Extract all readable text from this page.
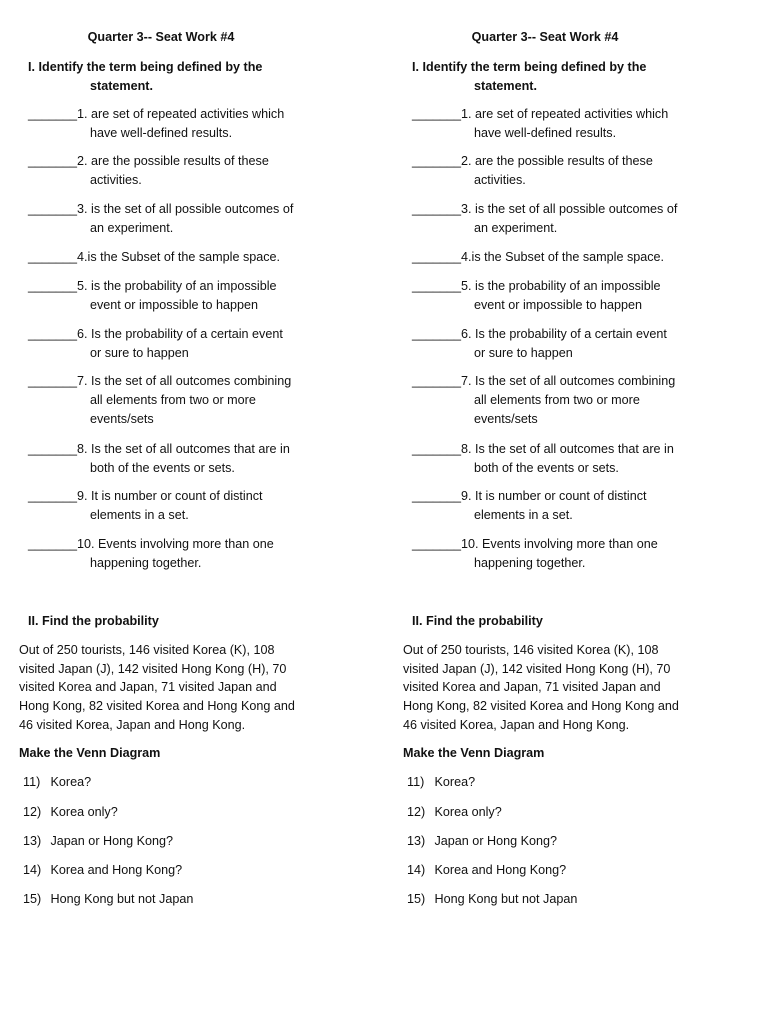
Quarter 3-- Seat Work #4
I. Identify the term being defined by the
statement.
_______1. are set of repeated activities which
have well-defined results.
_______2. are the possible results of these
activities.
_______3. is the set of all possible outcomes of
an experiment.
_______4.is the Subset of the sample space.
_______5. is the probability of an impossible
event or impossible to happen
_______6. Is the probability of a certain event
or sure to happen
_______7. Is the set of all outcomes combining
all elements from two or more
events/sets
_______8. Is the set of all outcomes that are in
both of the events or sets.
_______9. It is number or count of distinct
elements in a set.
_______10. Events involving more than one
happening together.
II. Find the probability
Out of 250 tourists, 146 visited Korea (K), 108 visited Japan (J), 142 visited Hong Kong (H), 70 visited Korea and Japan, 71 visited Japan and Hong Kong, 82 visited Korea and Hong Kong and 46 visited Korea, Japan and Hong Kong.
Make the Venn Diagram
11) Korea?
12) Korea only?
13) Japan or Hong Kong?
14) Korea and Hong Kong?
15) Hong Kong but not Japan
Quarter 3-- Seat Work #4
I. Identify the term being defined by the
statement.
_______1. are set of repeated activities which
have well-defined results.
_______2. are the possible results of these
activities.
_______3. is the set of all possible outcomes of
an experiment.
_______4.is the Subset of the sample space.
_______5. is the probability of an impossible
event or impossible to happen
_______6. Is the probability of a certain event
or sure to happen
_______7. Is the set of all outcomes combining
all elements from two or more
events/sets
_______8. Is the set of all outcomes that are in
both of the events or sets.
_______9. It is number or count of distinct
elements in a set.
_______10. Events involving more than one
happening together.
II. Find the probability
Out of 250 tourists, 146 visited Korea (K), 108 visited Japan (J), 142 visited Hong Kong (H), 70 visited Korea and Japan, 71 visited Japan and Hong Kong, 82 visited Korea and Hong Kong and 46 visited Korea, Japan and Hong Kong.
Make the Venn Diagram
11) Korea?
12) Korea only?
13) Japan or Hong Kong?
14) Korea and Hong Kong?
15) Hong Kong but not Japan
